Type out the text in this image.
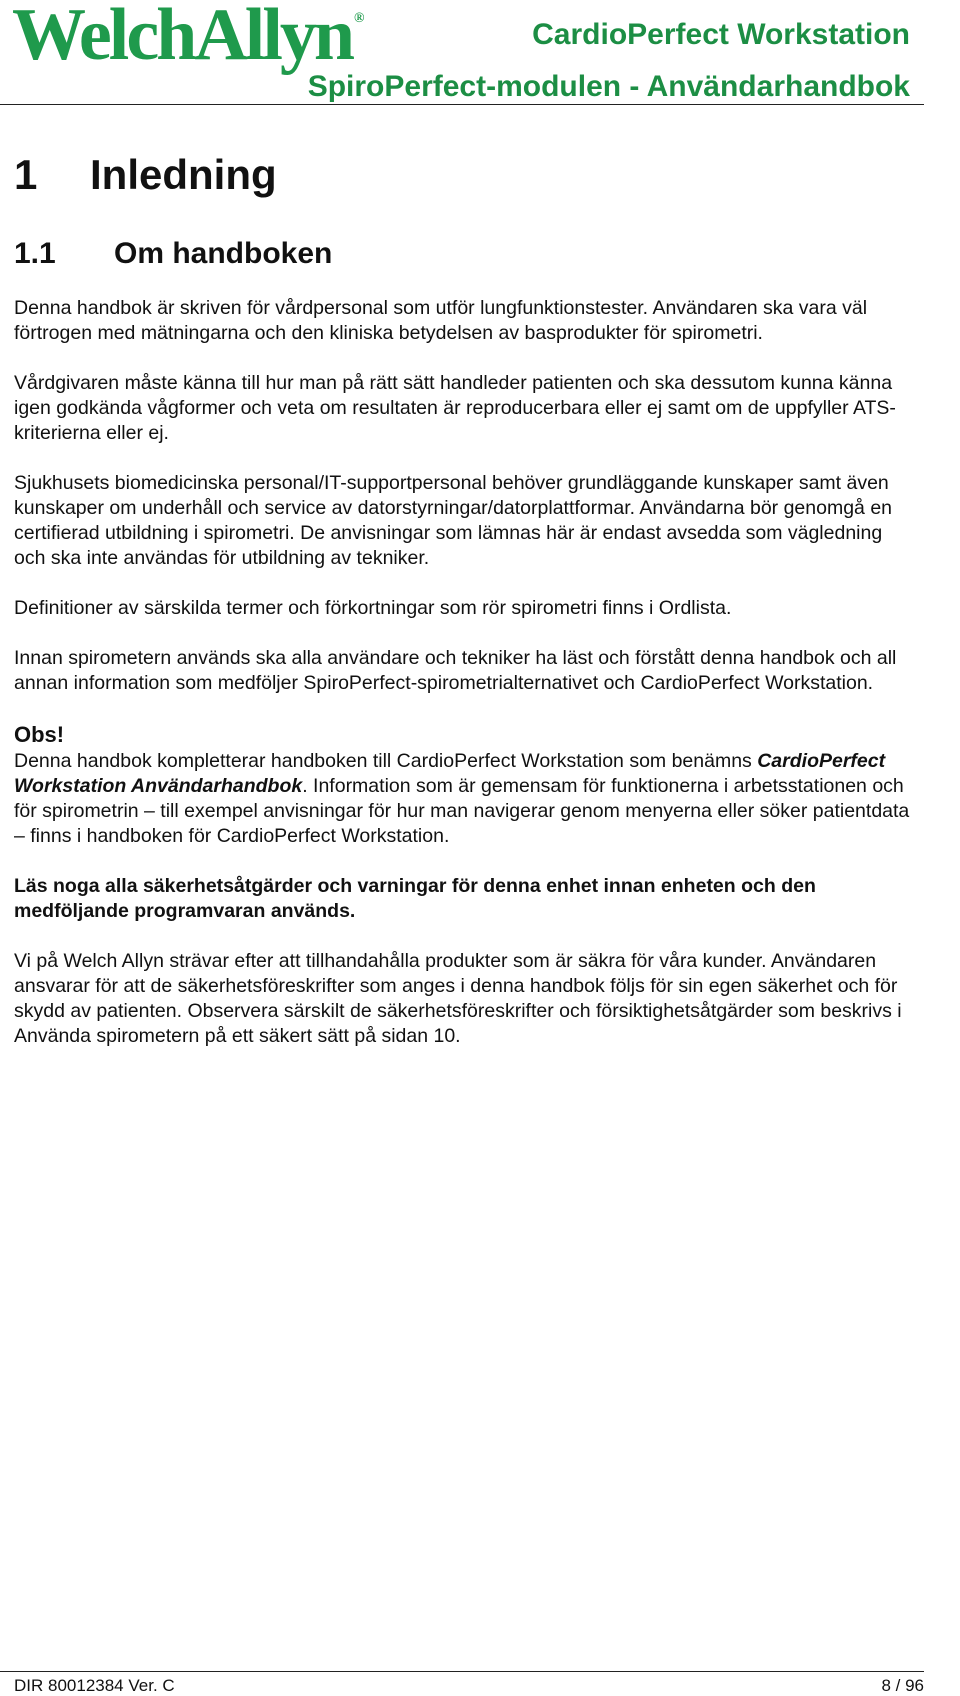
WelchAllyn ®	CardioPerfect Workstation
SpiroPerfect-modulen - Användarhandbok
1 Inledning
1.1 Om handboken

Denna handbok är skriven för vårdpersonal som utför lungfunktionstester. Användaren ska vara väl förtrogen med mätningarna och den kliniska betydelsen av basprodukter för spirometri.

Vårdgivaren måste känna till hur man på rätt sätt handleder patienten och ska dessutom kunna känna igen godkända vågformer och veta om resultaten är reproducerbara eller ej samt om de uppfyller ATS-kriterierna eller ej.

Sjukhusets biomedicinska personal/IT-supportpersonal behöver grundläggande kunskaper samt även kunskaper om underhåll och service av datorstyrningar/datorplattformar. Användarna bör genomgå en certifierad utbildning i spirometri. De anvisningar som lämnas här är endast avsedda som vägledning och ska inte användas för utbildning av tekniker.

Definitioner av särskilda termer och förkortningar som rör spirometri finns i Ordlista.

Innan spirometern används ska alla användare och tekniker ha läst och förstått denna handbok och all annan information som medföljer SpiroPerfect-spirometrialternativet och CardioPerfect Workstation.

Obs!

Denna handbok kompletterar handboken till CardioPerfect Workstation som benämns CardioPerfect Workstation Användarhandbok. Information som är gemensam för funktionerna i arbetsstationen och för spirometrin – till exempel anvisningar för hur man navigerar genom menyerna eller söker patientdata – finns i handboken för CardioPerfect Workstation.

Läs noga alla säkerhetsåtgärder och varningar för denna enhet innan enheten och den medföljande programvaran används.

Vi på Welch Allyn strävar efter att tillhandahålla produkter som är säkra för våra kunder. Användaren ansvarar för att de säkerhetsföreskrifter som anges i denna handbok följs för sin egen säkerhet och för skydd av patienten. Observera särskilt de säkerhetsföreskrifter och försiktighetsåtgärder som beskrivs i Använda spirometern på ett säkert sätt på sidan 10.

DIR 80012384 Ver. C	8 / 96
